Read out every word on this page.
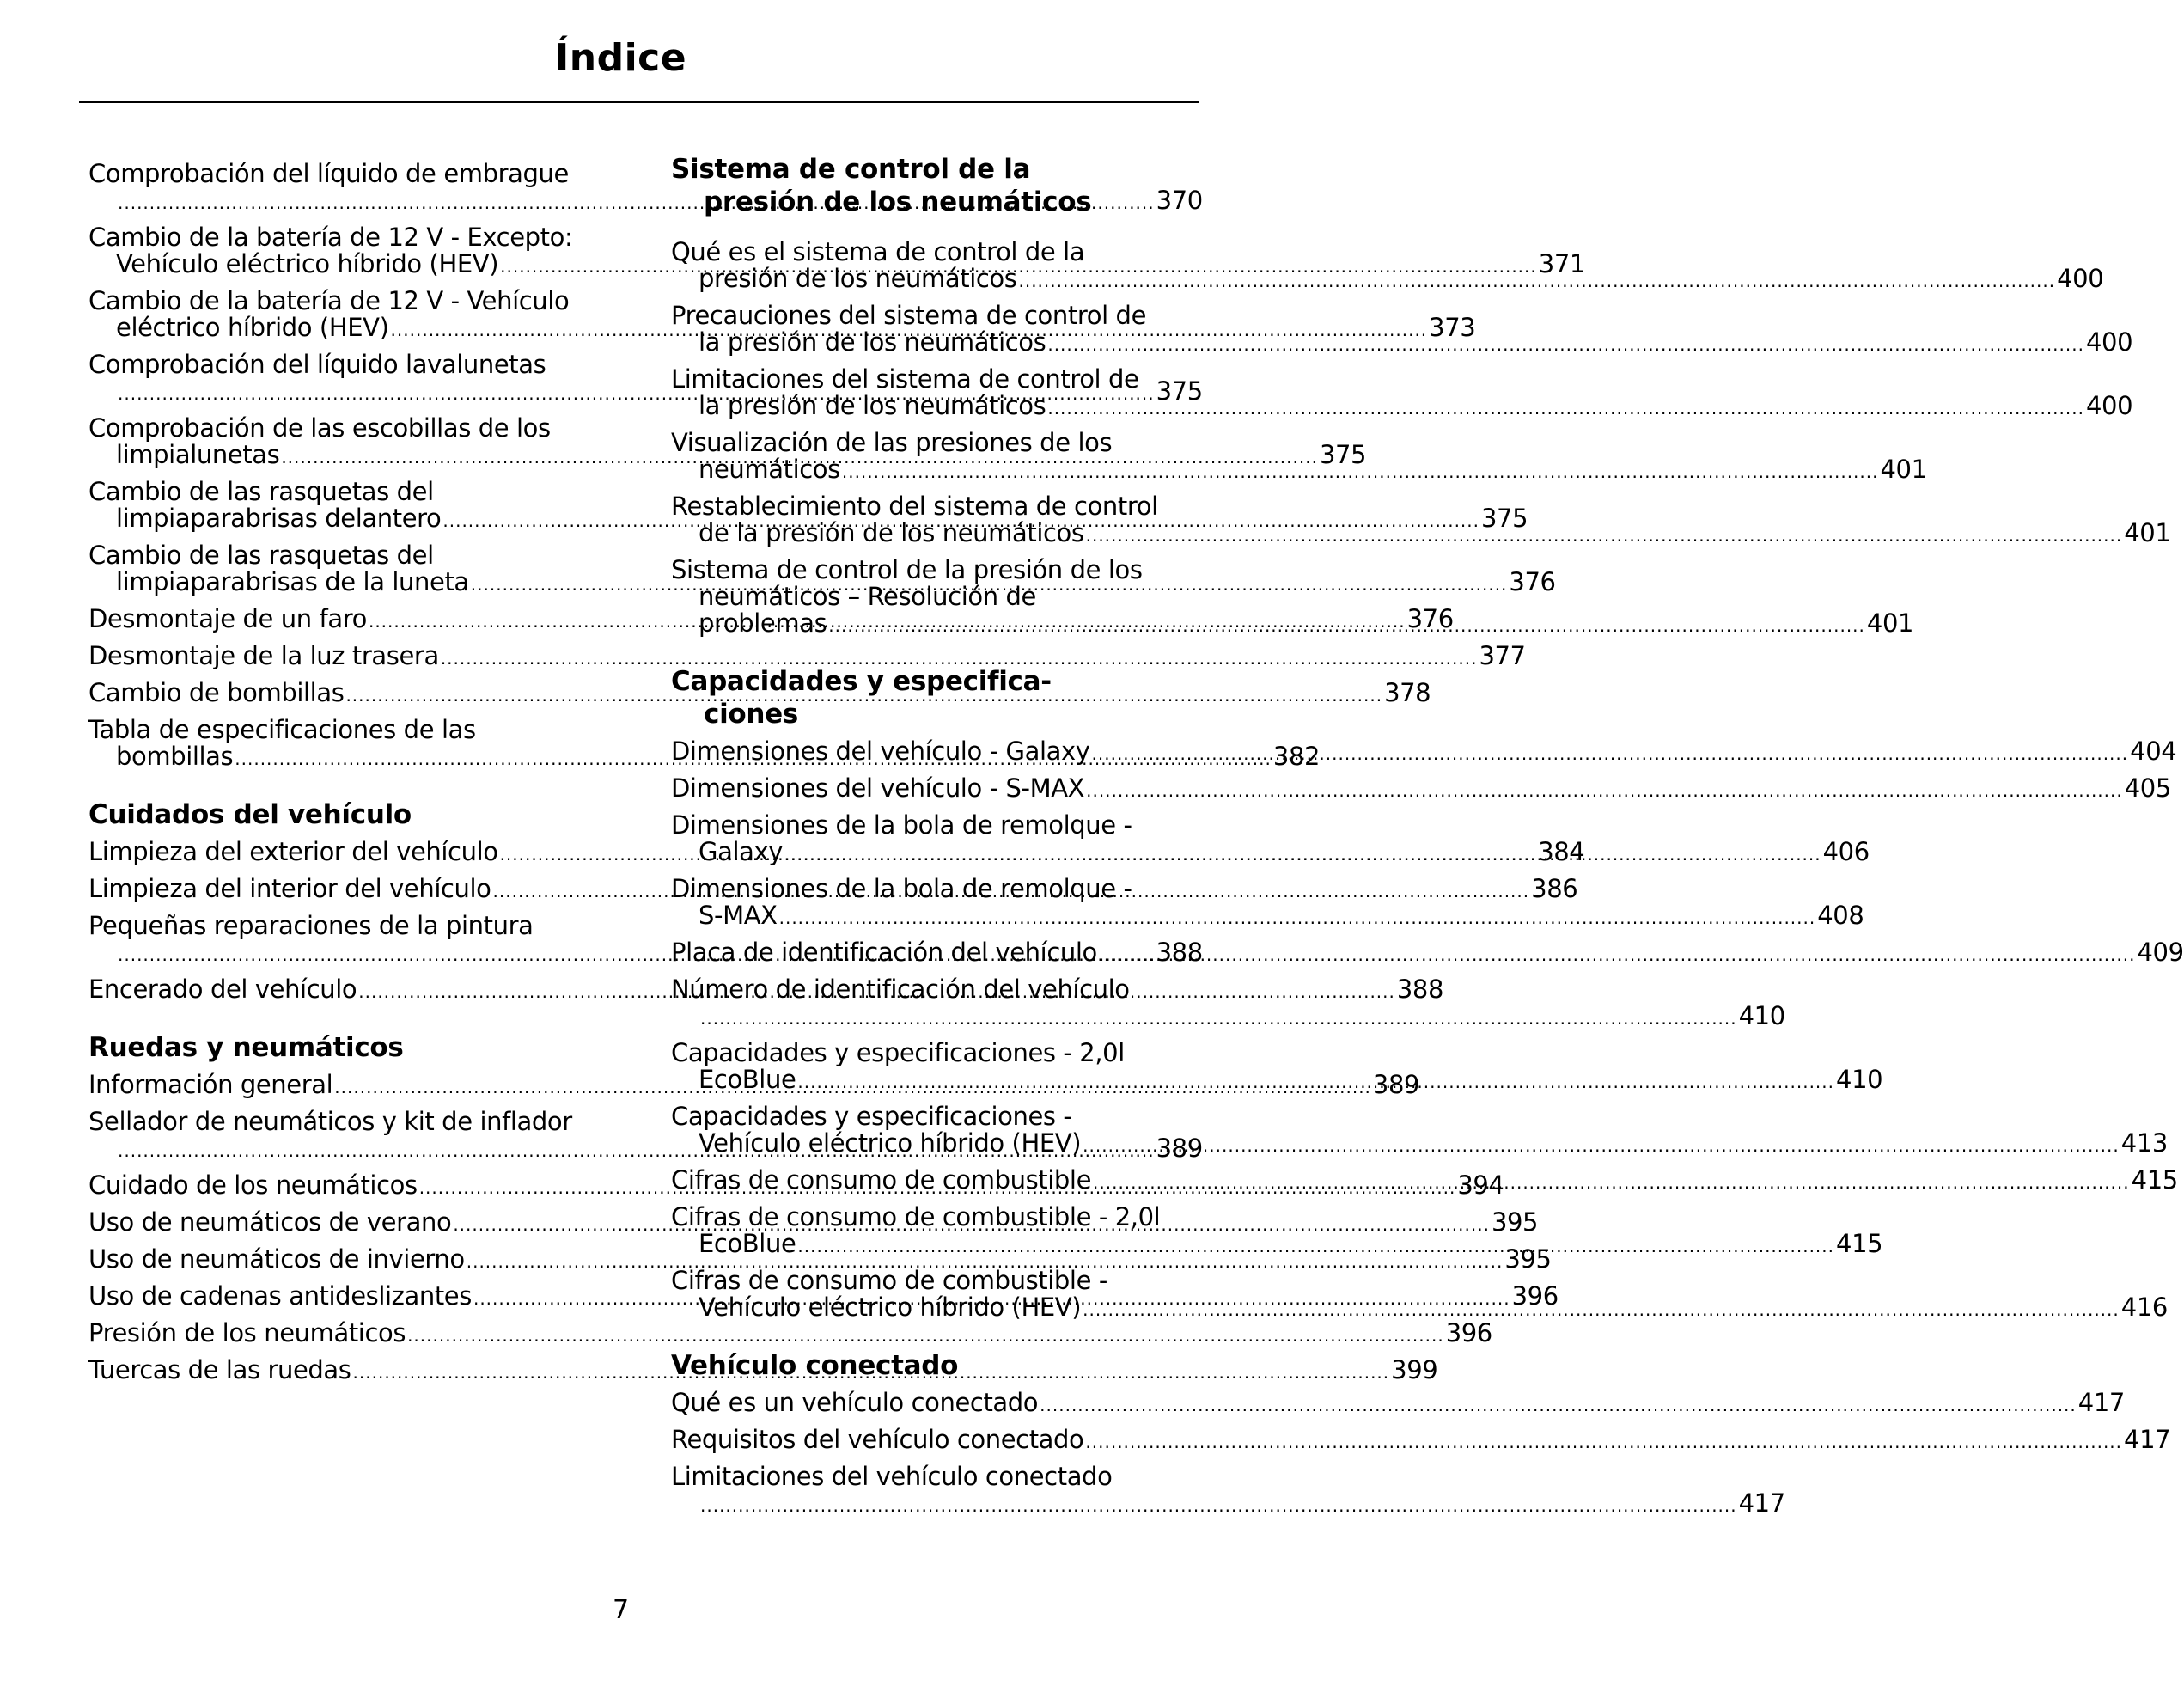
Índice
Comprobación del líquido de embrague
.....370
Cambio de la batería de 12 V - Excepto:
Vehículo eléctrico híbrido (HEV) .....	371
Cambio de la batería de 12 V - Vehículo
eléctrico híbrido (HEV) .....	373
Comprobación del líquido lavalunetas
.....375
Comprobación de las escobillas de los
limpialunetas .....	375
Cambio de las rasquetas del
limpiaparabrisas delantero .....	375
Cambio de las rasquetas del
limpiaparabrisas de la luneta .....	376
Desmontaje de un faro .....	376
Desmontaje de la luz trasera .....	377
Cambio de bombillas .....	378
Tabla de especificaciones de las
bombillas .....	382
Cuidados del vehículo
Limpieza del exterior del vehículo .....	384
Limpieza del interior del vehículo .....	386
Pequeñas reparaciones de la pintura
.....388
Encerado del vehículo .....	388
Ruedas y neumáticos
Información general .....	389
Sellador de neumáticos y kit de inflador
.....389
Cuidado de los neumáticos .....	394
Uso de neumáticos de verano .....	395
Uso de neumáticos de invierno .....	395
Uso de cadenas antideslizantes .....	396
Presión de los neumáticos .....	396
Tuercas de las ruedas .....	399
Sistema de control de la
presión de los neumáticos
Qué es el sistema de control de la
presión de los neumáticos .....	400
Precauciones del sistema de control de
la presión de los neumáticos .....	400
Limitaciones del sistema de control de
la presión de los neumáticos .....	400
Visualización de las presiones de los
neumáticos .....	401
Restablecimiento del sistema de control
de la presión de los neumáticos .....	401
Sistema de control de la presión de los
neumáticos – Resolución de
problemas .....	401
Capacidades y especifica-
ciones
Dimensiones del vehículo - Galaxy .....	404
Dimensiones del vehículo - S-MAX .....	405
Dimensiones de la bola de remolque -
Galaxy .....	406
Dimensiones de la bola de remolque -
S-MAX .....	408
Placa de identificación del vehículo .....	409
Número de identificación del vehículo
.....410
Capacidades y especificaciones - 2,0l
EcoBlue .....	410
Capacidades y especificaciones -
Vehículo eléctrico híbrido (HEV) .....	413
Cifras de consumo de combustible .....	415
Cifras de consumo de combustible - 2,0l
EcoBlue .....	415
Cifras de consumo de combustible -
Vehículo eléctrico híbrido (HEV) .....	416
Vehículo conectado
Qué es un vehículo conectado .....	417
Requisitos del vehículo conectado .....	417
Limitaciones del vehículo conectado
.....417
7
